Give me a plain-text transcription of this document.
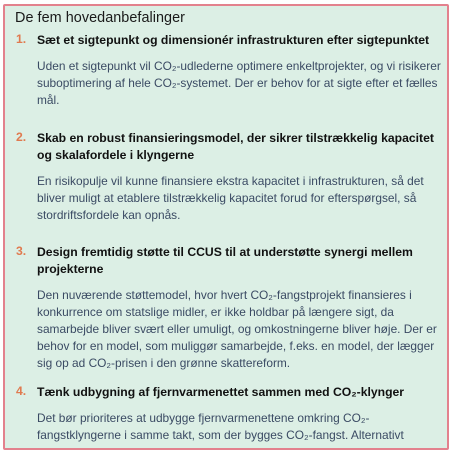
De fem hovedanbefalinger
1. Sæt et sigtepunkt og dimensionér infrastrukturen efter sigtepunktet
Uden et sigtepunkt vil CO₂-udlederne optimere enkeltprojekter, og vi risikerer suboptimering af hele CO₂-systemet. Der er behov for at sigte efter et fælles mål.
2. Skab en robust finansieringsmodel, der sikrer tilstrækkelig kapacitet og skalafordele i klyngerne
En risikopulje vil kunne finansiere ekstra kapacitet i infrastrukturen, så det bliver muligt at etablere tilstrækkelig kapacitet forud for efterspørgsel, så stordriftsfordele kan opnås.
3. Design fremtidig støtte til CCUS til at understøtte synergi mellem projekterne
Den nuværende støttemodel, hvor hvert CO₂-fangstprojekt finansieres i konkurrence om statslige midler, er ikke holdbar på længere sigt, da samarbejde bliver svært eller umuligt, og omkostningerne bliver høje. Der er behov for en model, som muliggør samarbejde, f.eks. en model, der lægger sig op ad CO₂-prisen i den grønne skattereform.
4. Tænk udbygning af fjernvarmenettet sammen med CO₂-klynger
Det bør prioriteres at udbygge fjernvarmenettene omkring CO₂-fangstklyngerne i samme takt, som der bygges CO₂-fangst. Alternativt
